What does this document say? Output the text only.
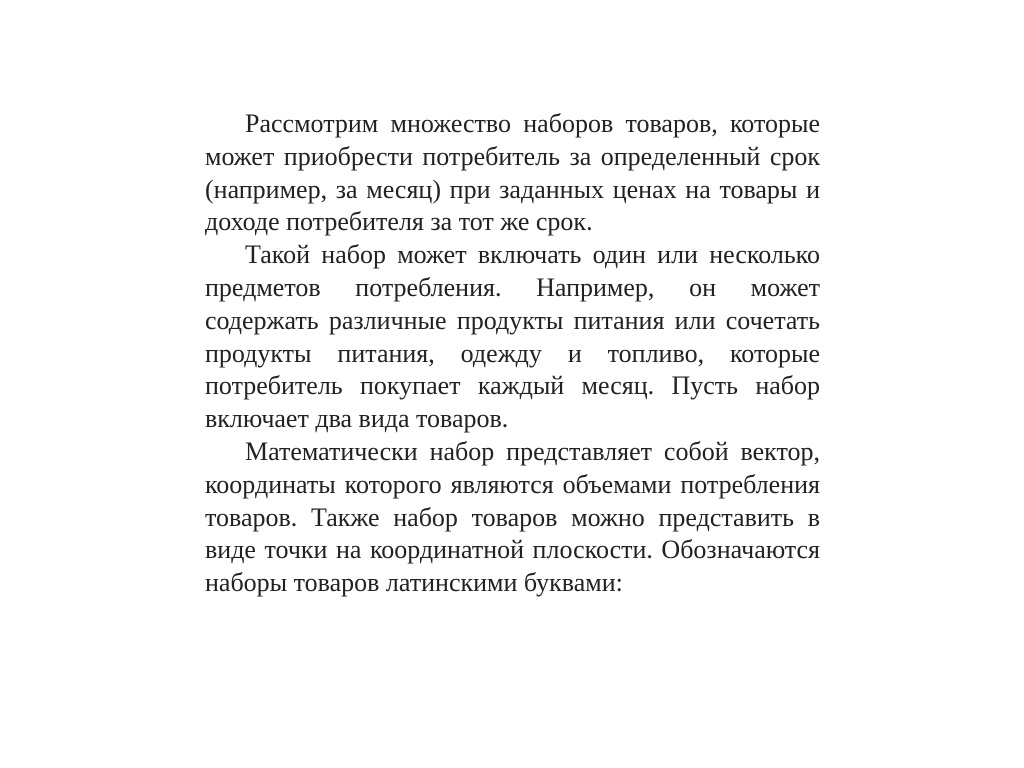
Рассмотрим множество наборов товаров, которые может приобрести потребитель за определенный срок (например, за месяц) при заданных ценах на товары и доходе потребителя за тот же срок.

Такой набор может включать один или несколько предметов потребления. Например, он может содержать различные продукты питания или сочетать продукты питания, одежду и топливо, которые потребитель покупает каждый месяц. Пусть набор включает два вида товаров.

Математически набор представляет собой вектор, координаты которого являются объемами потребления товаров. Также набор товаров можно представить в виде точки на координатной плоскости. Обозначаются наборы товаров латинскими буквами:
